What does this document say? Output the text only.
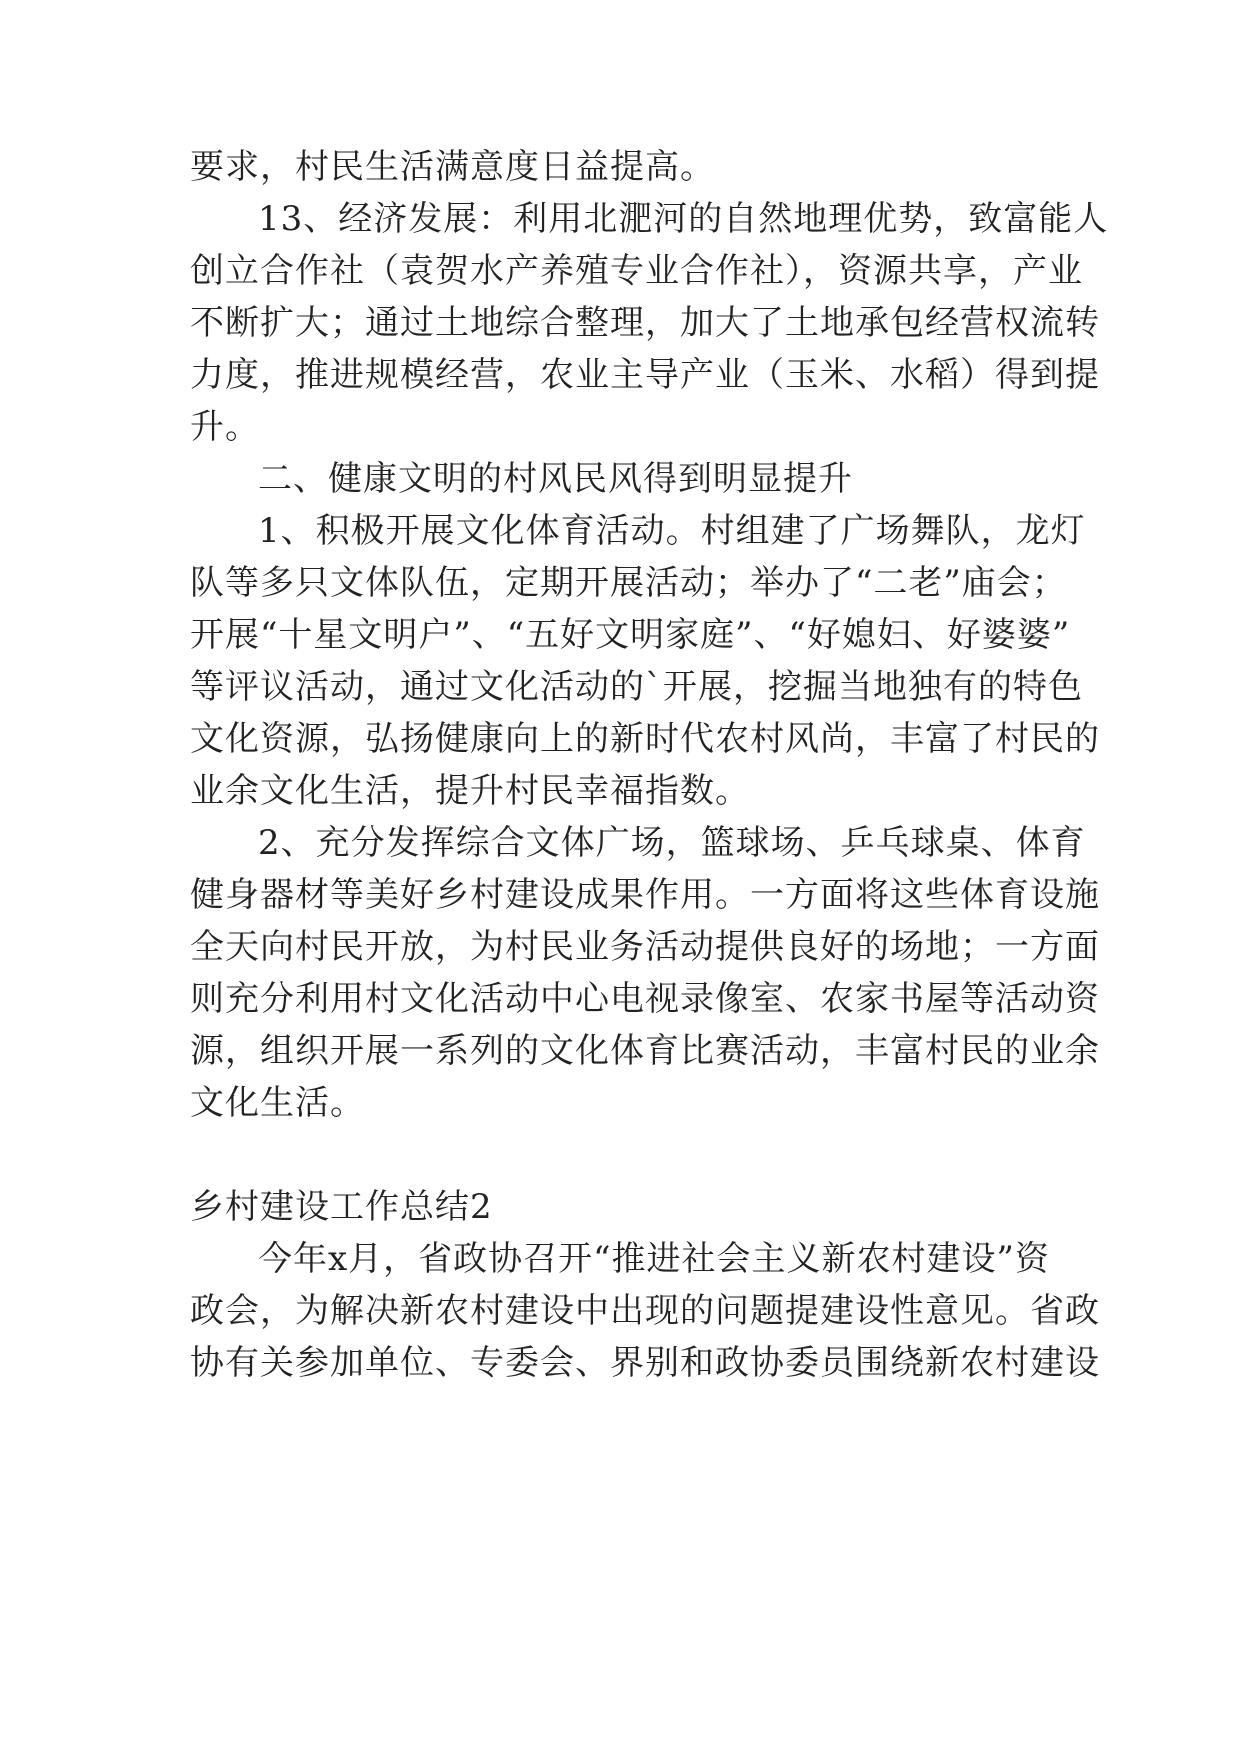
要求，村民生活满意度日益提高。
13、经济发展：利用北淝河的自然地理优势，致富能人
创立合作社（袁贺水产养殖专业合作社），资源共享，产业
不断扩大；通过土地综合整理，加大了土地承包经营权流转
力度，推进规模经营，农业主导产业（玉米、水稻）得到提
升。
二、健康文明的村风民风得到明显提升
1、积极开展文化体育活动。村组建了广场舞队，龙灯
队等多只文体队伍，定期开展活动；举办了“二老”庙会；
开展“十星文明户”、“五好文明家庭”、“好媳妇、好婆婆”
等评议活动，通过文化活动的`开展，挖掘当地独有的特色
文化资源，弘扬健康向上的新时代农村风尚，丰富了村民的
业余文化生活，提升村民幸福指数。
2、充分发挥综合文体广场，篮球场、乒乓球桌、体育
健身器材等美好乡村建设成果作用。一方面将这些体育设施
全天向村民开放，为村民业务活动提供良好的场地；一方面
则充分利用村文化活动中心电视录像室、农家书屋等活动资
源，组织开展一系列的文化体育比赛活动，丰富村民的业余
文化生活。
乡村建设工作总结2
今年x月，省政协召开“推进社会主义新农村建设”资
政会，为解决新农村建设中出现的问题提建设性意见。省政
协有关参加单位、专委会、界别和政协委员围绕新农村建设
